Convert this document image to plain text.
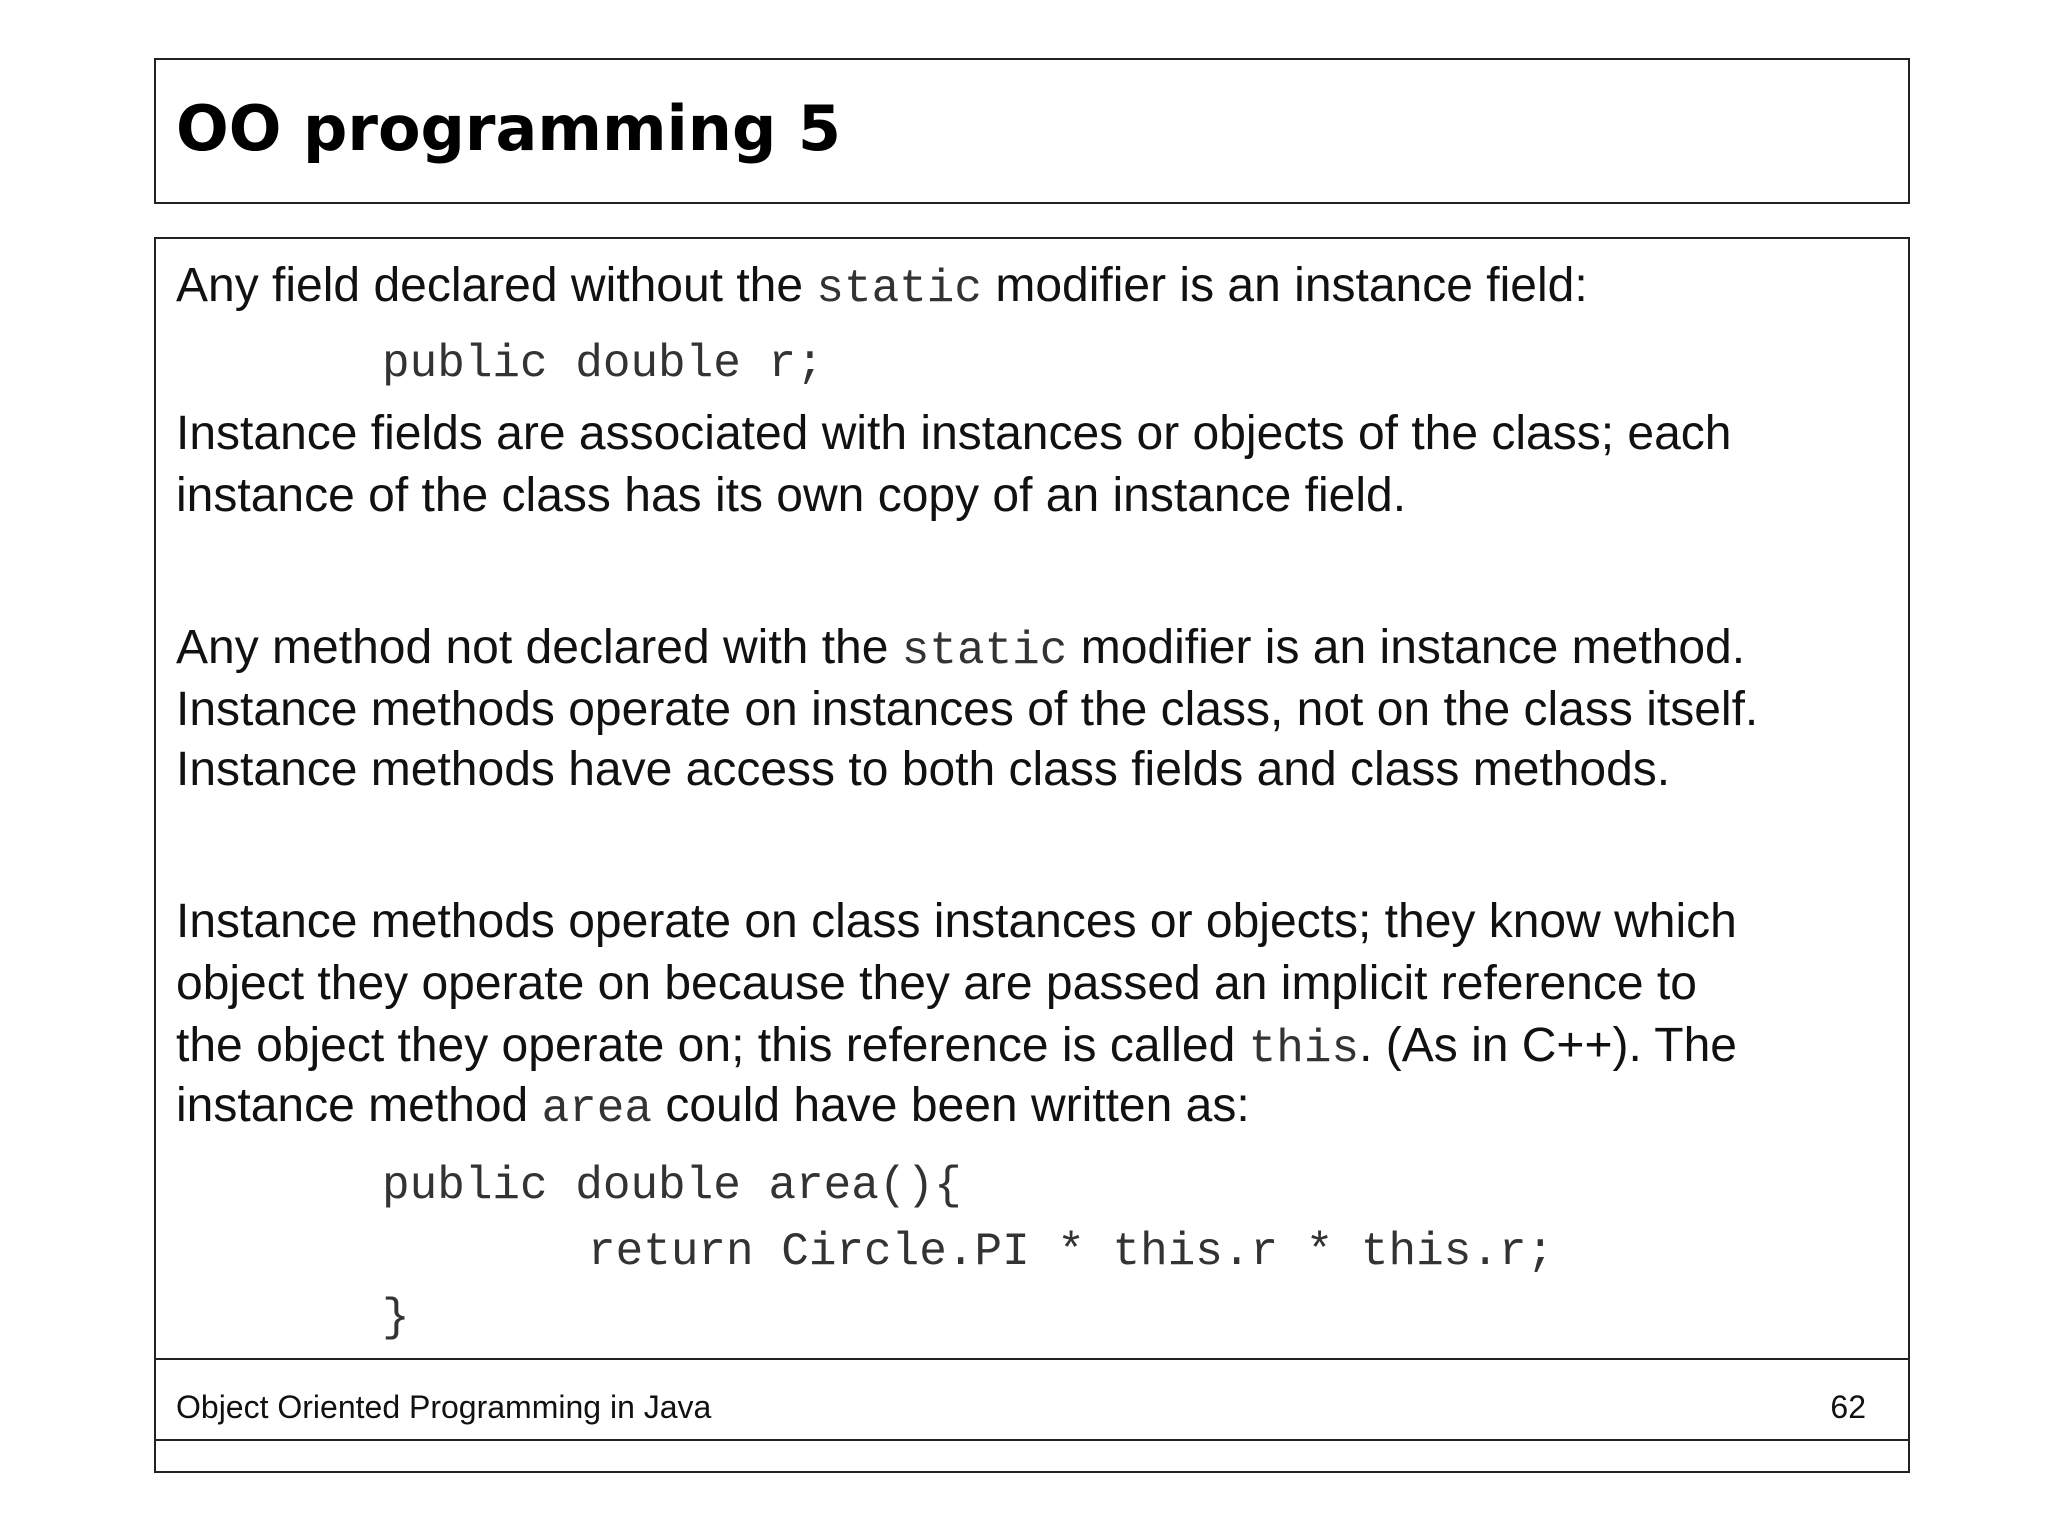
OO programming 5
Any field declared without the static modifier is an instance field:
public double r;
Instance fields are associated with instances or objects of the class; each
instance of the class has its own copy of an instance field.
Any method not declared with the static modifier is an instance method.
Instance methods operate on instances of the class, not on the class itself.
Instance methods have access to both class fields and class methods.
Instance methods operate on class instances or objects; they know which
object they operate on because they are passed an implicit reference to
the object they operate on; this reference is called this. (As in C++). The
instance method area could have been written as:
public double area(){
return Circle.PI * this.r * this.r;
}
Object Oriented Programming in Java	62
